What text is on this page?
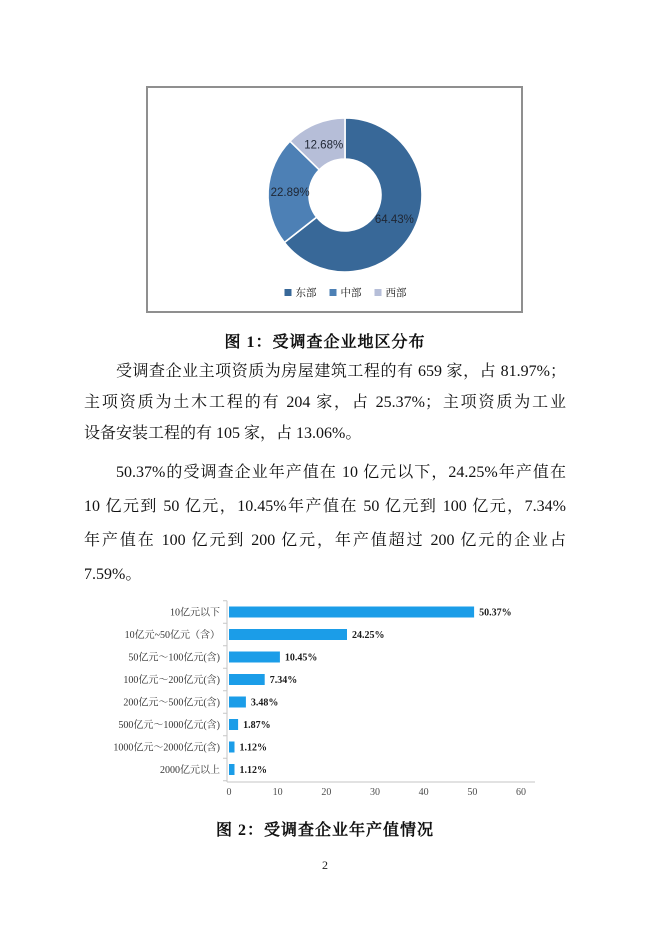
64.43%
22.89%
12.68%
东部 中部 西部
图 1：受调查企业地区分布
受调查企业主项资质为房屋建筑工程的有 659 家，占 81.97%；
主项资质为土木工程的有 204 家，占 25.37%；主项资质为工业
设备安装工程的有 105 家，占 13.06%。
50.37%的受调查企业年产值在 10 亿元以下，24.25%年产值在
10 亿元到 50 亿元，10.45%年产值在 50 亿元到 100 亿元，7.34%
年产值在 100 亿元到 200 亿元，年产值超过 200 亿元的企业占
7.59%。
0	10	20	30	40	50	60
10亿元以下	50.37%
10亿元~50亿元（含）	24.25%
50亿元～100亿元(含)	10.45%
100亿元～200亿元(含)	7.34%
200亿元～500亿元(含)	3.48%
500亿元～1000亿元(含) 1.87%
1000亿元～2000亿元(含) 1.12%
2000亿元以上 1.12%
图 2：受调查企业年产值情况
2
